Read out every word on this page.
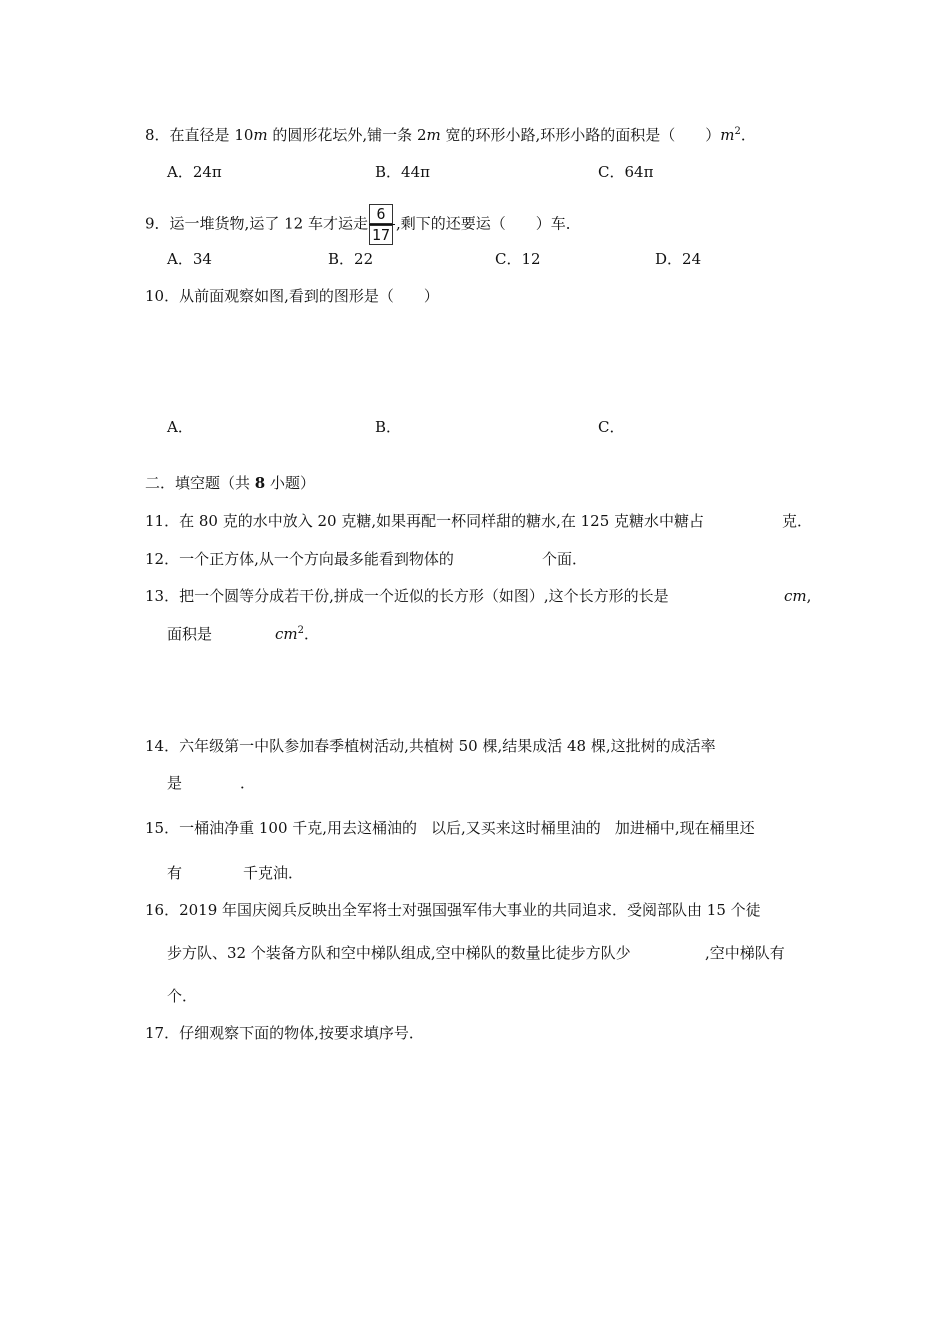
8．在直径是 10m 的圆形花坛外,铺一条 2m 宽的环形小路,环形小路的面积是（　　）$m^2$．
A．24π	B．44π	C．64π
9．运一堆货物,运了 12 车才运走 $\frac{6}{17}$ ,剩下的还要运（　　）车．
A．34	B．22	C．12	D．24
10．从前面观察如图,看到的图形是（　　）
A．	B．	C．
二．填空题（共 8 小题）
11．在 80 克的水中放入 20 克糖,如果再配一杯同样甜的糖水,在 125 克糖水中糖占	克．
12．一个正方体,从一个方向最多能看到物体的	个面．
13．把一个圆等分成若干份,拼成一个近似的长方形（如图）,这个长方形的长是	cm,
面积是	$cm^2$．
14．六年级第一中队参加春季植树活动,共植树 50 棵,结果成活 48 棵,这批树的成活率
是	．
15．一桶油净重 100 千克,用去这桶油的 以后,又买来这时桶里油的 加进桶中,现在桶里还
有	千克油．
16．2019 年国庆阅兵反映出全军将士对强国强军伟大事业的共同追求．受阅部队由 15 个徒
步方队、32 个装备方队和空中梯队组成,空中梯队的数量比徒步方队少	,空中梯队有
个．
17．仔细观察下面的物体,按要求填序号．
